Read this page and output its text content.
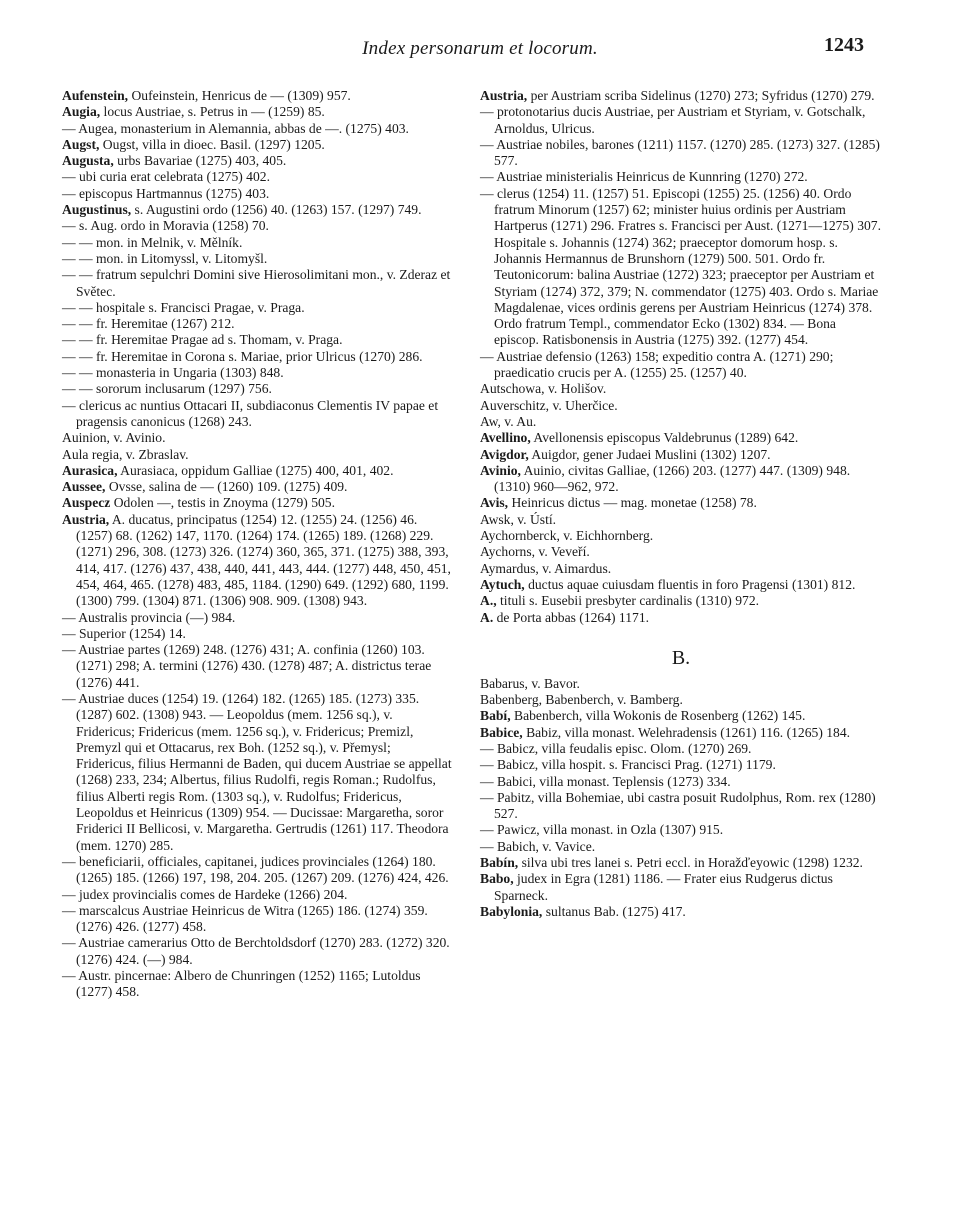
Index personarum et locorum.	1243

Aufenstein, Oufeinstein, Henricus de — (1309) 957.

Augia, locus Austriae, s. Petrus in — (1259) 85.

— Augea, monasterium in Alemannia, abbas de —. (1275) 403.

Augst, Ougst, villa in dioec. Basil. (1297) 1205.

Augusta, urbs Bavariae (1275) 403, 405.

— ubi curia erat celebrata (1275) 402.

— episcopus Hartmannus (1275) 403.

Augustinus, s. Augustini ordo (1256) 40. (1263) 157. (1297) 749.

— s. Aug. ordo in Moravia (1258) 70.

— — mon. in Melnik, v. Mělník.

— — mon. in Litomyssl, v. Litomyšl.

— — fratrum sepulchri Domini sive Hierosolimitani mon., v. Zderaz et Světec.

— — hospitale s. Francisci Pragae, v. Praga.

— — fr. Heremitae (1267) 212.

— — fr. Heremitae Pragae ad s. Thomam, v. Praga.

— — fr. Heremitae in Corona s. Mariae, prior Ulricus (1270) 286.

— — monasteria in Ungaria (1303) 848.

— — sororum inclusarum (1297) 756.

— clericus ac nuntius Ottacari II, subdiaconus Clementis IV papae et pragensis canonicus (1268) 243.

Auinion, v. Avinio.

Aula regia, v. Zbraslav.

Aurasica, Aurasiaca, oppidum Galliae (1275) 400, 401, 402.

Aussee, Ovsse, salina de — (1260) 109. (1275) 409.

Auspecz Odolen —, testis in Znoyma (1279) 505.

Austria, A. ducatus, principatus (1254) 12. (1255) 24. (1256) 46. (1257) 68. (1262) 147, 1170. (1264) 174. (1265) 189. (1268) 229. (1271) 296, 308. (1273) 326. (1274) 360, 365, 371. (1275) 388, 393, 414, 417. (1276) 437, 438, 440, 441, 443, 444. (1277) 448, 450, 451, 454, 464, 465. (1278) 483, 485, 1184. (1290) 649. (1292) 680, 1199. (1300) 799. (1304) 871. (1306) 908. 909. (1308) 943.

— Australis provincia (—) 984.

— Superior (1254) 14.

— Austriae partes (1269) 248. (1276) 431; A. confinia (1260) 103. (1271) 298; A. termini (1276) 430. (1278) 487; A. districtus terae (1276) 441.

— Austriae duces (1254) 19. (1264) 182. (1265) 185. (1273) 335. (1287) 602. (1308) 943. — Leopoldus (mem. 1256 sq.), v. Fridericus; Fridericus (mem. 1256 sq.), v. Fridericus; Premizl, Premyzl qui et Ottacarus, rex Boh. (1252 sq.), v. Přemysl; Fridericus, filius Hermanni de Baden, qui ducem Austriae se appellat (1268) 233, 234; Albertus, filius Rudolfi, regis Roman.; Rudolfus, filius Alberti regis Rom. (1303 sq.), v. Rudolfus; Fridericus, Leopoldus et Heinricus (1309) 954. — Ducissae: Margaretha, soror Friderici II Bellicosi, v. Margaretha. Gertrudis (1261) 117. Theodora (mem. 1270) 285.

— beneficiarii, officiales, capitanei, judices provinciales (1264) 180. (1265) 185. (1266) 197, 198, 204. 205. (1267) 209. (1276) 424, 426.

— judex provincialis comes de Hardeke (1266) 204.

— marscalcus Austriae Heinricus de Witra (1265) 186. (1274) 359. (1276) 426. (1277) 458.

— Austriae camerarius Otto de Berchtoldsdorf (1270) 283. (1272) 320. (1276) 424. (—) 984.

— Austr. pincernae: Albero de Chunringen (1252) 1165; Lutoldus (1277) 458.

Austria, per Austriam scriba Sidelinus (1270) 273; Syfridus (1270) 279.

— protonotarius ducis Austriae, per Austriam et Styriam, v. Gotschalk, Arnoldus, Ulricus.

— Austriae nobiles, barones (1211) 1157. (1270) 285. (1273) 327. (1285) 577.

— Austriae ministerialis Heinricus de Kunnring (1270) 272.

— clerus (1254) 11. (1257) 51. Episcopi (1255) 25. (1256) 40. Ordo fratrum Minorum (1257) 62; minister huius ordinis per Austriam Hartperus (1271) 296. Fratres s. Francisci per Aust. (1271—1275) 307. Hospitale s. Johannis (1274) 362; praeceptor domorum hosp. s. Johannis Hermannus de Brunshorn (1279) 500. 501. Ordo fr. Teutonicorum: balina Austriae (1272) 323; praeceptor per Austriam et Styriam (1274) 372, 379; N. commendator (1275) 403. Ordo s. Mariae Magdalenae, vices ordinis gerens per Austriam Heinricus (1274) 378. Ordo fratrum Templ., commendator Ecko (1302) 834. — Bona episcop. Ratisbonensis in Austria (1275) 392. (1277) 454.

— Austriae defensio (1263) 158; expeditio contra A. (1271) 290; praedicatio crucis per A. (1255) 25. (1257) 40.

Autschowa, v. Holišov.

Auverschitz, v. Uherčice.

Aw, v. Au.

Avellino, Avellonensis episcopus Valdebrunus (1289) 642.

Avigdor, Auigdor, gener Judaei Muslini (1302) 1207.

Avinio, Auinio, civitas Galliae, (1266) 203. (1277) 447. (1309) 948. (1310) 960—962, 972.

Avis, Heinricus dictus — mag. monetae (1258) 78.

Awsk, v. Ústí.

Aychornberck, v. Eichhornberg.

Aychorns, v. Veveří.

Aymardus, v. Aimardus.

Aytuch, ductus aquae cuiusdam fluentis in foro Pragensi (1301) 812.

A., tituli s. Eusebii presbyter cardinalis (1310) 972.

A. de Porta abbas (1264) 1171.

B.

Babarus, v. Bavor.

Babenberg, Babenberch, v. Bamberg.

Babí, Babenberch, villa Wokonis de Rosenberg (1262) 145.

Babice, Babiz, villa monast. Welehradensis (1261) 116. (1265) 184.

— Babicz, villa feudalis episc. Olom. (1270) 269.

— Babicz, villa hospit. s. Francisci Prag. (1271) 1179.

— Babici, villa monast. Teplensis (1273) 334.

— Pabitz, villa Bohemiae, ubi castra posuit Rudolphus, Rom. rex (1280) 527.

— Pawicz, villa monast. in Ozla (1307) 915.

— Babich, v. Vavice.

Babín, silva ubi tres lanei s. Petri eccl. in Horažďeyowic (1298) 1232.

Babo, judex in Egra (1281) 1186. — Frater eius Rudgerus dictus Sparneck.

Babylonia, sultanus Bab. (1275) 417.
